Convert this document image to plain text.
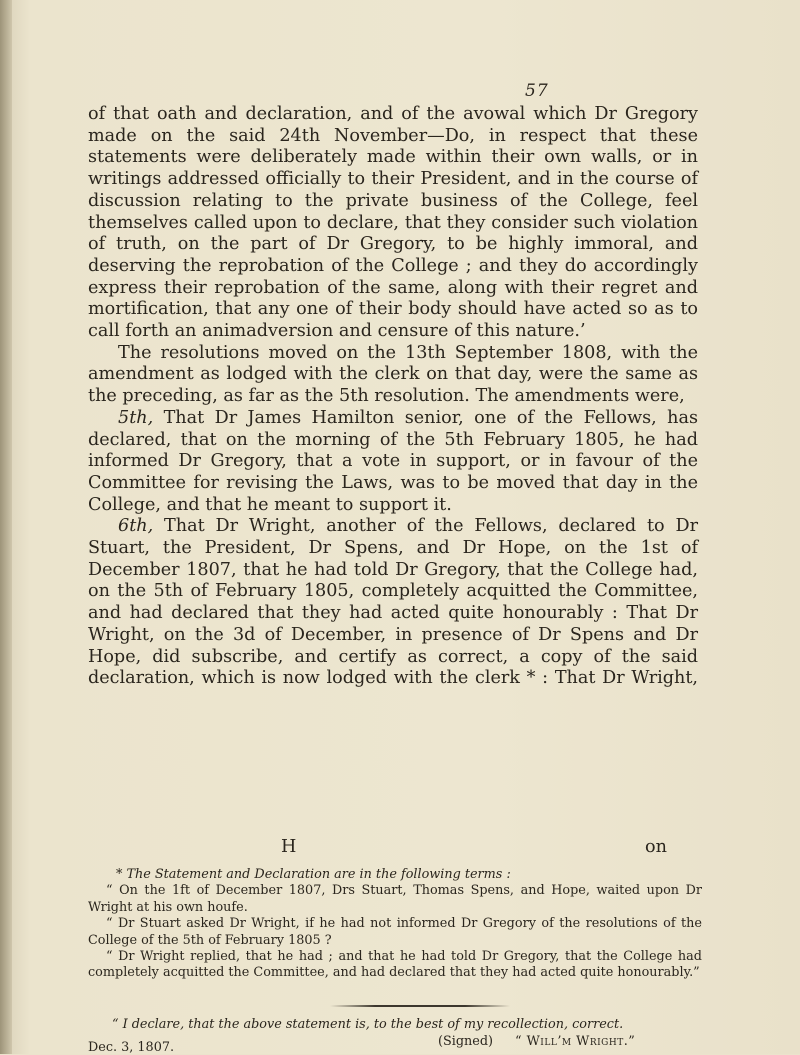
57

of that oath and declaration, and of the avowal which Dr Gregory made on the said 24th November—Do, in respect that these statements were deliberately made within their own walls, or in writings addressed officially to their President, and in the course of discussion relating to the private business of the College, feel themselves called upon to declare, that they consider such violation of truth, on the part of Dr Gregory, to be highly immoral, and deserving the reprobation of the College ; and they do accordingly express their reprobation of the same, along with their regret and mortification, that any one of their body should have acted so as to call forth an animadversion and censure of this nature.’

The resolutions moved on the 13th September 1808, with the amendment as lodged with the clerk on that day, were the same as the preceding, as far as the 5th resolution. The amendments were,

5th, That Dr James Hamilton senior, one of the Fellows, has declared, that on the morning of the 5th February 1805, he had informed Dr Gregory, that a vote in support, or in favour of the Committee for revising the Laws, was to be moved that day in the College, and that he meant to support it.

6th, That Dr Wright, another of the Fellows, declared to Dr Stuart, the President, Dr Spens, and Dr Hope, on the 1st of December 1807, that he had told Dr Gregory, that the College had, on the 5th of February 1805, completely acquitted the Committee, and had declared that they had acted quite honourably : That Dr Wright, on the 3d of December, in presence of Dr Spens and Dr Hope, did subscribe, and certify as correct, a copy of the said declaration, which is now lodged with the clerk * : That Dr Wright,

H	on

* The Statement and Declaration are in the following terms :

“ On the 1ft of December 1807, Drs Stuart, Thomas Spens, and Hope, waited upon Dr Wright at his own houfe.

“ Dr Stuart asked Dr Wright, if he had not informed Dr Gregory of the resolutions of the College of the 5th of February 1805 ?

“ Dr Wright replied, that he had ; and that he had told Dr Gregory, that the College had completely acquitted the Committee, and had declared that they had acted quite honourably.”

“ I declare, that the above statement is, to the best of my recollection, correct.
(Signed) “ Will’m Wright.”
Dec. 3, 1807.
